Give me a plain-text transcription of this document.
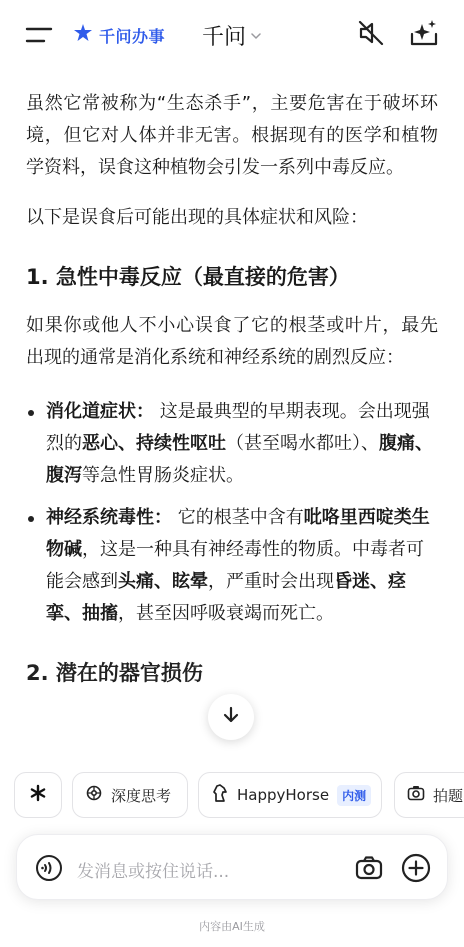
千问办事 千问

虽然它常被称为“生态杀手”，主要危害在于破坏环境，但它对人体并非无害。根据现有的医学和植物学资料，误食这种植物会引发一系列中毒反应。

以下是误食后可能出现的具体症状和风险：

1. 急性中毒反应（最直接的危害）

如果你或他人不小心误食了它的根茎或叶片，最先出现的通常是消化系统和神经系统的剧烈反应：

消化道症状： 这是最典型的早期表现。会出现强烈的恶心、持续性呕吐（甚至喝水都吐）、腹痛、腹泻等急性胃肠炎症状。
神经系统毒性： 它的根茎中含有吡咯里西啶类生物碱，这是一种具有神经毒性的物质。中毒者可能会感到头痛、眩晕，严重时会出现昏迷、痉挛、抽搐，甚至因呼吸衰竭而死亡。
2. 潜在的器官损伤
深度思考	HappyHorse	内测	拍题
发消息或按住说话...
内容由AI生成
